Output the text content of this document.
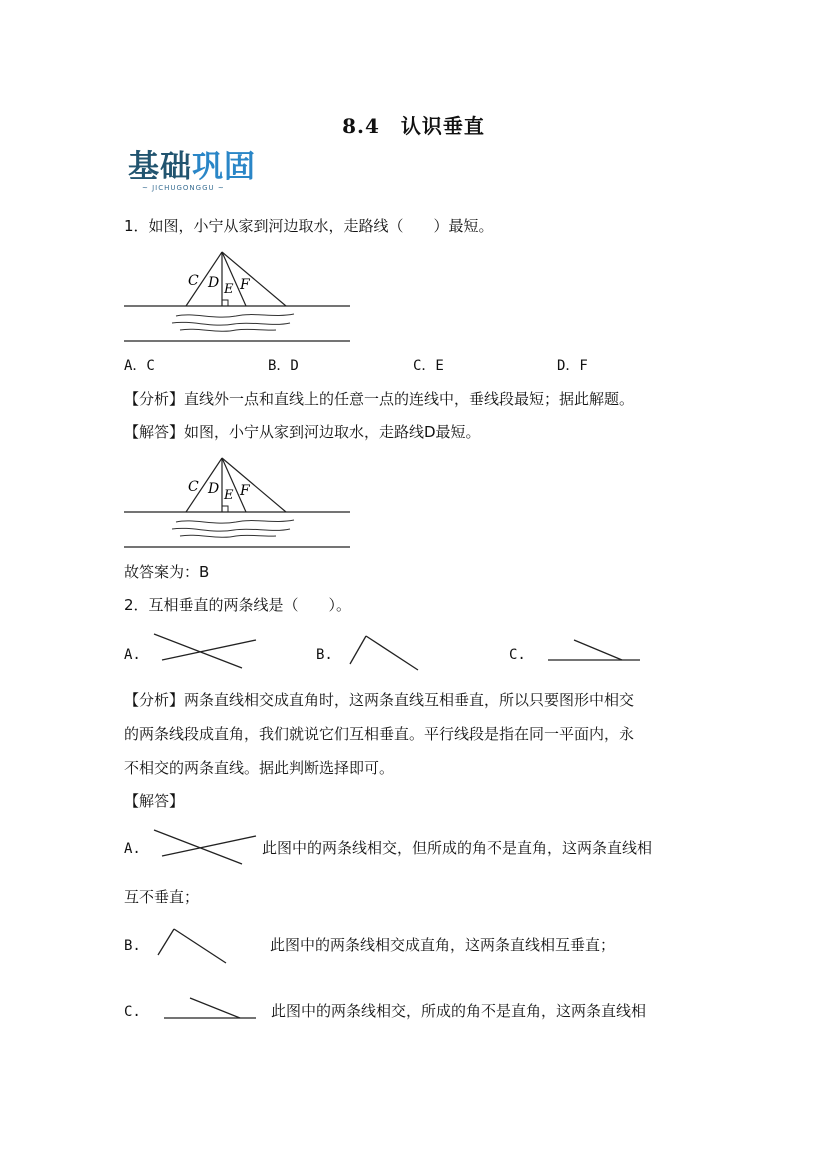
8.4　认识垂直
基础巩固
~ JICHUGONGGU ~
1．如图，小宁从家到河边取水，走路线（　　）最短。
C D E F
A．C	B．D	C．E	D．F
【分析】直线外一点和直线上的任意一点的连线中，垂线段最短；据此解题。
【解答】如图，小宁从家到河边取水，走路线D最短。
C D E F
故答案为：B
2．互相垂直的两条线是（　　）。
A.	B.	C.
【分析】两条直线相交成直角时，这两条直线互相垂直，所以只要图形中相交
的两条线段成直角，我们就说它们互相垂直。平行线段是指在同一平面内，永
不相交的两条直线。据此判断选择即可。
【解答】
A.	此图中的两条线相交，但所成的角不是直角，这两条直线相
互不垂直；
B.	此图中的两条线相交成直角，这两条直线相互垂直；
C.	此图中的两条线相交，所成的角不是直角，这两条直线相
